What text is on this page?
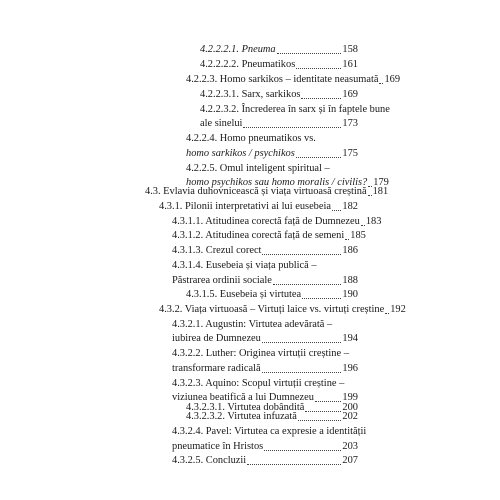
4.2.2.2.1. Pneuma	158
4.2.2.2.2. Pneumatikos	161
4.2.2.3. Homo sarkikos – identitate neasumată 169
4.2.2.3.1. Sarx, sarkikos	169
4.2.2.3.2. Încrederea în sarx și în faptele bune
ale sinelui	173
4.2.2.4. Homo pneumatikos vs.
homo sarkikos / psychikos	175
4.2.2.5. Omul inteligent spiritual –
homo psychikos sau homo moralis / civilis? 179
4.3. Evlavia duhovnicească și viața virtuoasă creștină 181
4.3.1. Pilonii interpretativi ai lui eusebeia 182
4.3.1.1. Atitudinea corectă față de Dumnezeu 183
4.3.1.2. Atitudinea corectă față de semeni 185
4.3.1.3. Crezul corect	186
4.3.1.4. Eusebeia și viața publică –
Păstrarea ordinii sociale	188
4.3.1.5. Eusebeia și virtutea	190
4.3.2. Viața virtuoasă – Virtuți laice vs. virtuți creștine 192
4.3.2.1. Augustin: Virtutea adevărată –
iubirea de Dumnezeu	194
4.3.2.2. Luther: Originea virtuții creștine –
transformare radicală	196
4.3.2.3. Aquino: Scopul virtuții creștine –
viziunea beatifică a lui Dumnezeu	199
4.3.2.3.1. Virtutea dobândită	200
4.3.2.3.2. Virtutea infuzată	202
4.3.2.4. Pavel: Virtutea ca expresie a identității
pneumatice în Hristos	203
4.3.2.5. Concluzii	207
